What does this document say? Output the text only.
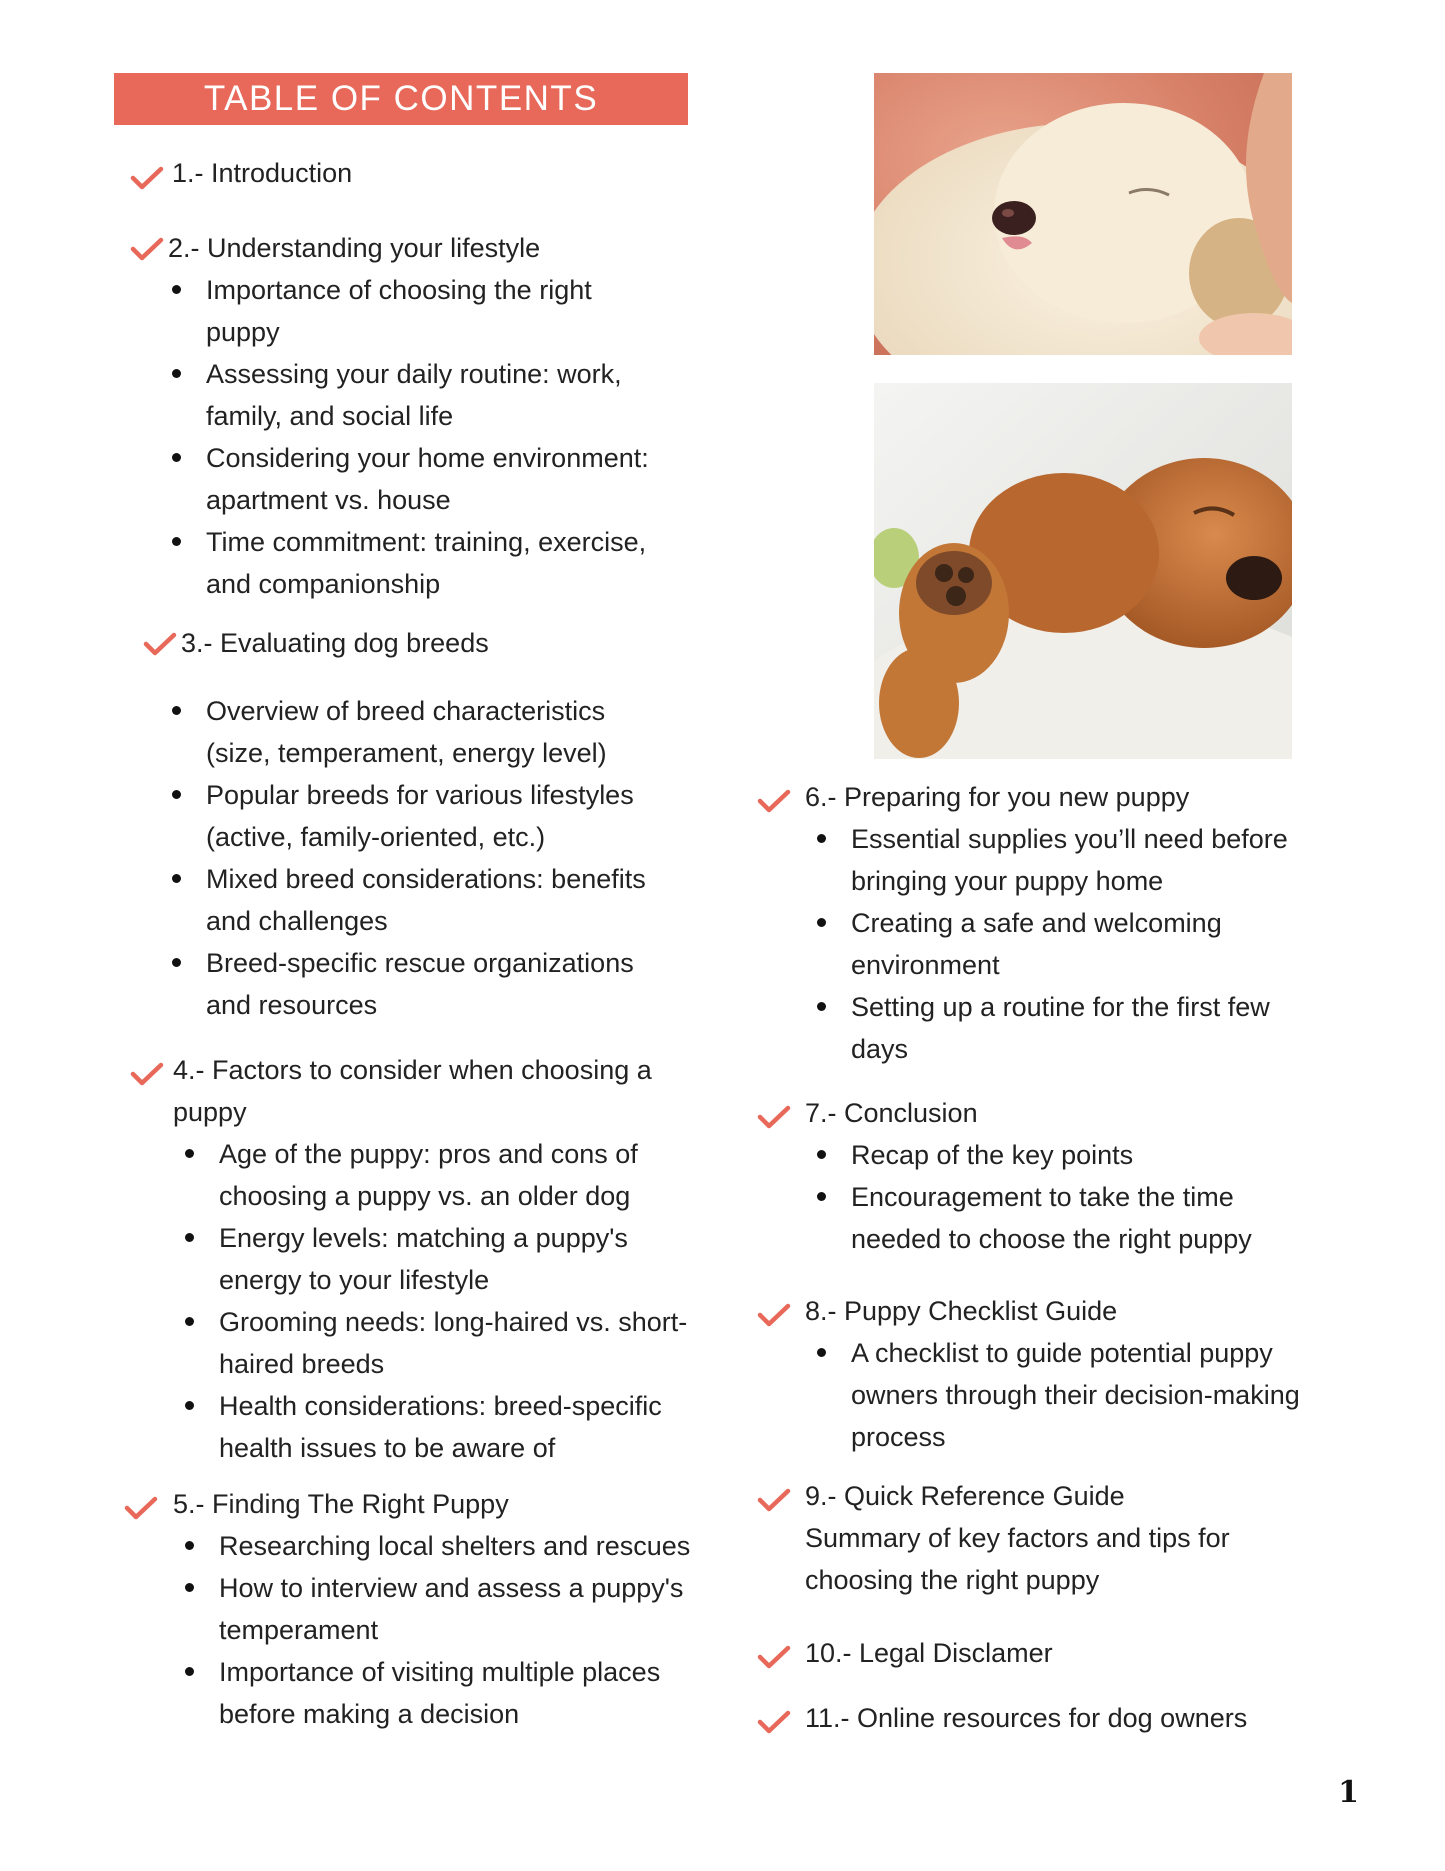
TABLE OF CONTENTS
1.- Introduction
2.- Understanding your lifestyle
Importance of choosing the right puppy
Assessing your daily routine: work, family, and social life
Considering your home environment: apartment vs. house
Time commitment: training, exercise, and companionship
3.- Evaluating dog breeds
Overview of breed characteristics (size, temperament, energy level)
Popular breeds for various lifestyles (active, family-oriented, etc.)
Mixed breed considerations: benefits and challenges
Breed-specific rescue organizations and resources
4.- Factors to consider when choosing a puppy
Age of the puppy: pros and cons of choosing a puppy vs. an older dog
Energy levels: matching a puppy's energy to your lifestyle
Grooming needs: long-haired vs. short-haired breeds
Health considerations: breed-specific health issues to be aware of
5.- Finding The Right Puppy
Researching local shelters and rescues
How to interview and assess a puppy's temperament
Importance of visiting multiple places before making a decision
6.- Preparing for you new puppy
Essential supplies you’ll need before bringing your puppy home
Creating a safe and welcoming environment
Setting up a routine for the first few days
7.- Conclusion
Recap of the key points
Encouragement to take the time needed to choose the right puppy
8.- Puppy Checklist Guide
A checklist to guide potential puppy owners through their decision-making process
9.- Quick Reference Guide
Summary of key factors and tips for choosing the right puppy
10.- Legal Disclamer
11.- Online resources for dog owners
1
